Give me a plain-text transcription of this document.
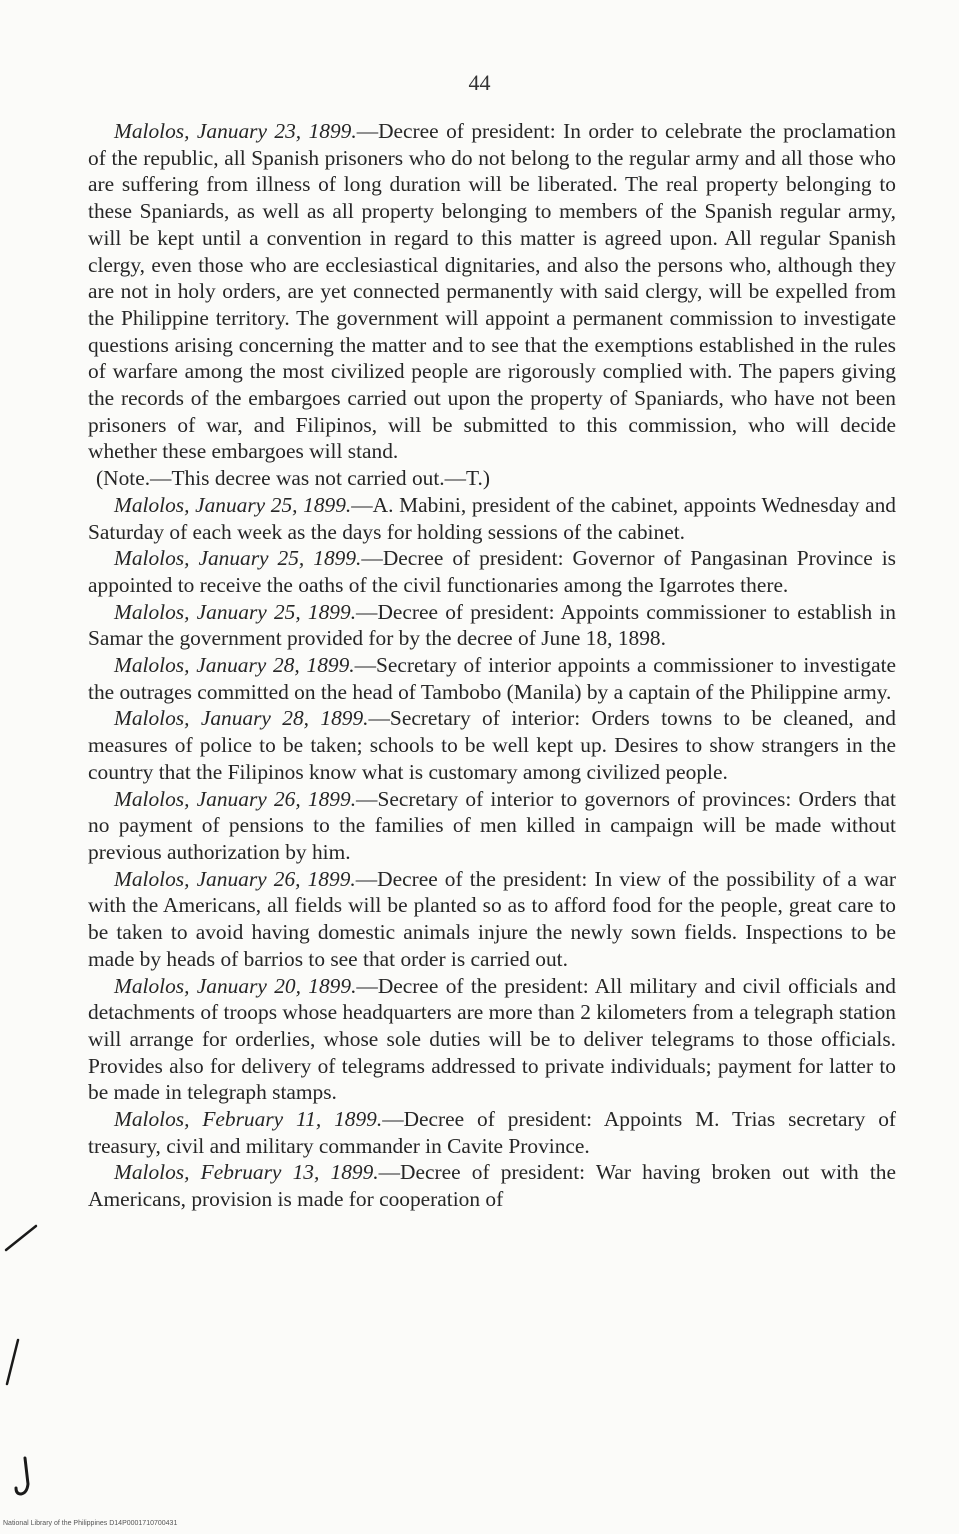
44

Malolos, January 23, 1899.—Decree of president: In order to celebrate the proclamation of the republic, all Spanish prisoners who do not belong to the regular army and all those who are suffering from illness of long duration will be liberated. The real property belonging to these Spaniards, as well as all property belonging to members of the Spanish regular army, will be kept until a convention in regard to this matter is agreed upon. All regular Spanish clergy, even those who are ecclesiastical dignitaries, and also the persons who, although they are not in holy orders, are yet connected permanently with said clergy, will be expelled from the Philippine territory. The government will appoint a permanent commission to investigate questions arising concerning the matter and to see that the exemptions established in the rules of warfare among the most civilized people are rigorously complied with. The papers giving the records of the embargoes carried out upon the property of Spaniards, who have not been prisoners of war, and Filipinos, will be submitted to this commission, who will decide whether these embargoes will stand.

(Note.—This decree was not carried out.—T.)

Malolos, January 25, 1899.—A. Mabini, president of the cabinet, appoints Wednesday and Saturday of each week as the days for holding sessions of the cabinet.

Malolos, January 25, 1899.—Decree of president: Governor of Pangasinan Province is appointed to receive the oaths of the civil functionaries among the Igarrotes there.

Malolos, January 25, 1899.—Decree of president: Appoints commissioner to establish in Samar the government provided for by the decree of June 18, 1898.

Malolos, January 28, 1899.—Secretary of interior appoints a commissioner to investigate the outrages committed on the head of Tambobo (Manila) by a captain of the Philippine army.

Malolos, January 28, 1899.—Secretary of interior: Orders towns to be cleaned, and measures of police to be taken; schools to be well kept up. Desires to show strangers in the country that the Filipinos know what is customary among civilized people.

Malolos, January 26, 1899.—Secretary of interior to governors of provinces: Orders that no payment of pensions to the families of men killed in campaign will be made without previous authorization by him.

Malolos, January 26, 1899.—Decree of the president: In view of the possibility of a war with the Americans, all fields will be planted so as to afford food for the people, great care to be taken to avoid having domestic animals injure the newly sown fields. Inspections to be made by heads of barrios to see that order is carried out.

Malolos, January 20, 1899.—Decree of the president: All military and civil officials and detachments of troops whose headquarters are more than 2 kilometers from a telegraph station will arrange for orderlies, whose sole duties will be to deliver telegrams to those officials. Provides also for delivery of telegrams addressed to private individuals; payment for latter to be made in telegraph stamps.

Malolos, February 11, 1899.—Decree of president: Appoints M. Trias secretary of treasury, civil and military commander in Cavite Province.

Malolos, February 13, 1899.—Decree of president: War having broken out with the Americans, provision is made for cooperation of

National Library of the Philippines D14P0001710700431
